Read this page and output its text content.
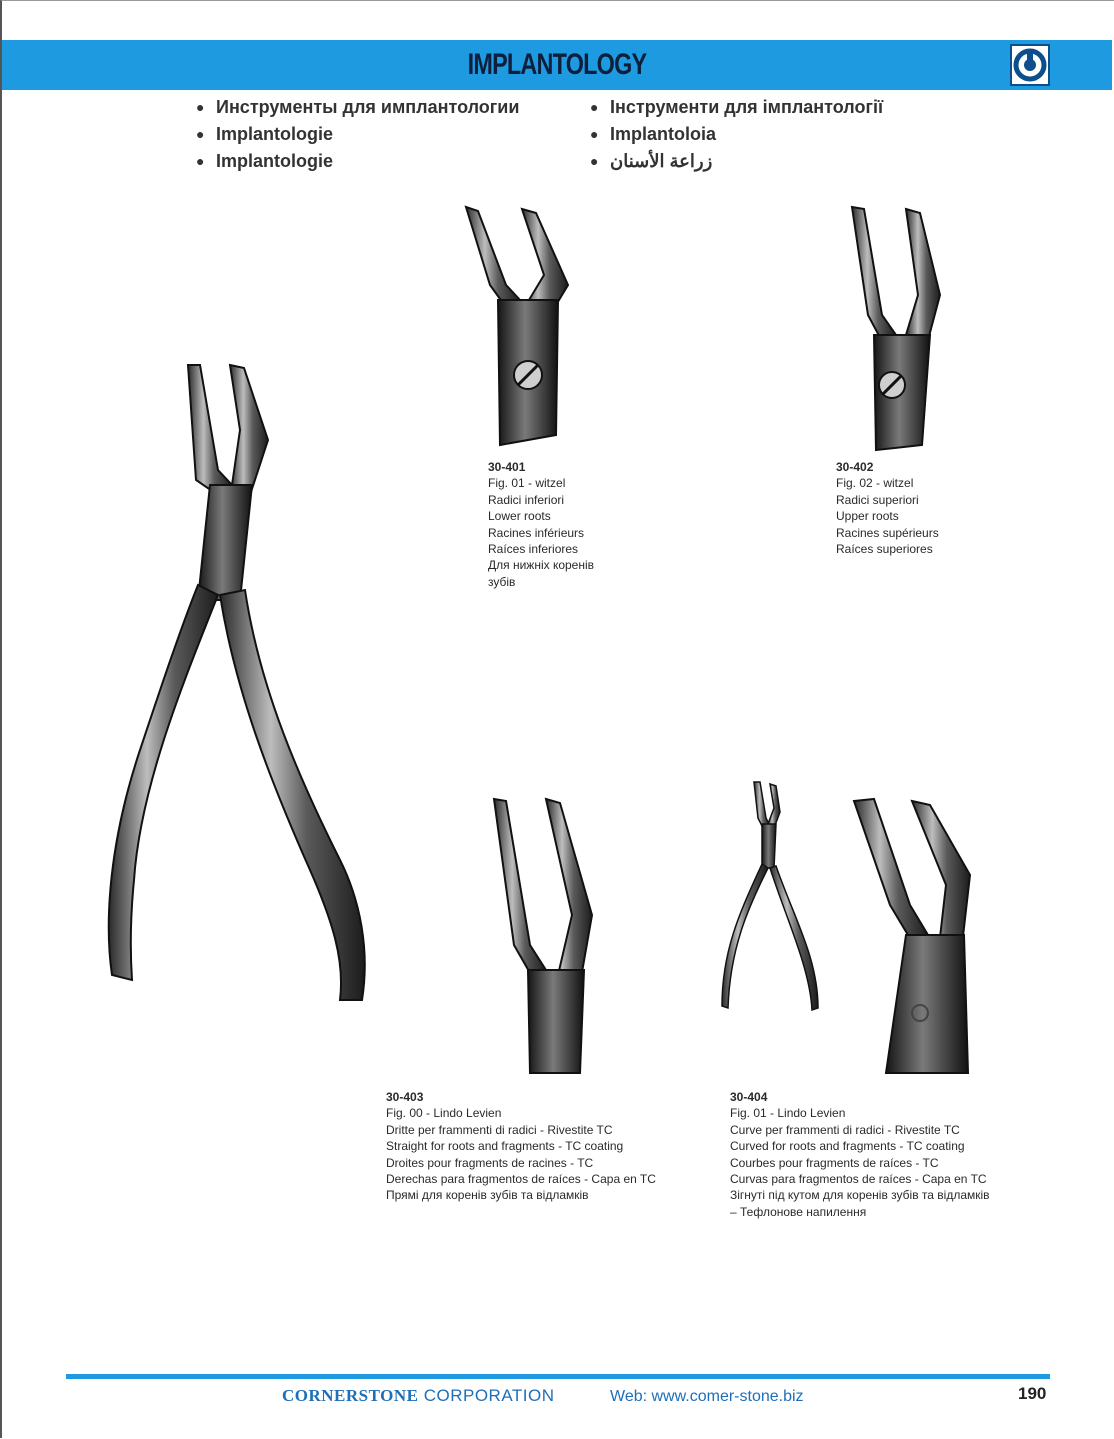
IMPLANTOLOGY
● Инструменты для имплантологии
● Implantologie
● Implantologie
● Інструменти для імплантології
● Implantoloia
● زراعة الأسنان
30-401
Fig. 01 - witzel
Radici inferiori
Lower roots
Racines inférieurs
Raíces inferiores
Для нижніх коренів
зубів
30-402
Fig. 02 - witzel
Radici superiori
Upper roots
Racines supérieurs
Raíces superiores
30-403
Fig. 00 - Lindo Levien
Dritte per frammenti di radici - Rivestite TC
Straight for roots and fragments - TC coating
Droites pour fragments de racines - TC
Derechas para fragmentos de raíces - Capa en TC
Прямі для коренів зубів та відламків
30-404
Fig. 01 - Lindo Levien
Curve per frammenti di radici - Rivestite TC
Curved for roots and fragments - TC coating
Courbes pour fragments de raíces - TC
Curvas para fragmentos de raíces - Capa en TC
Зігнуті під кутом для коренів зубів та відламків
– Тефлонове напилення
CORNERSTONE CORPORATION	Web: www.comer-stone.biz	190
